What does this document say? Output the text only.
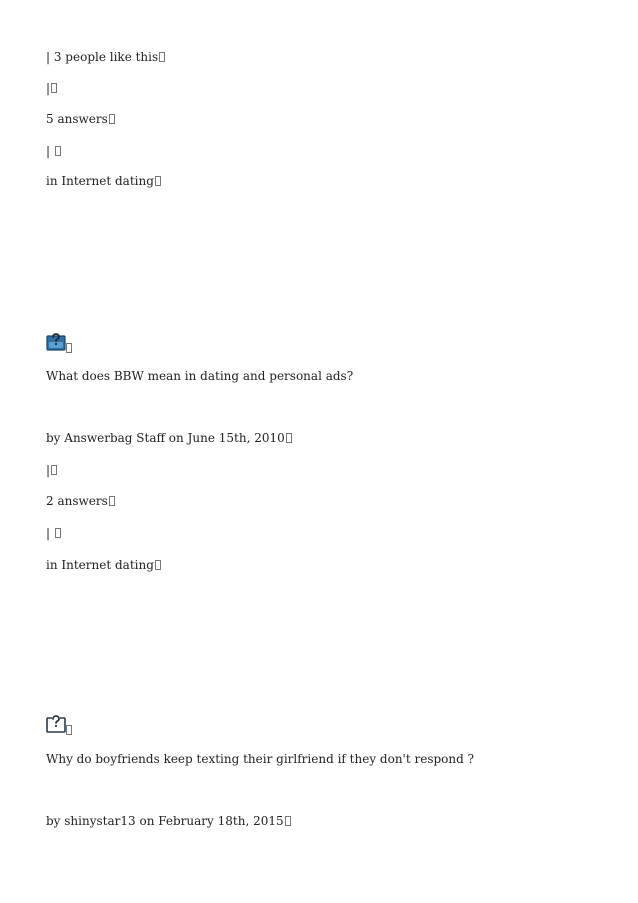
| 3 people like this
|
5 answers
|
in Internet dating
What does BBW mean in dating and personal ads?
by Answerbag Staff on June 15th, 2010
|
2 answers
|
in Internet dating
Why do boyfriends keep texting their girlfriend if they don't respond ?
by shinystar13 on February 18th, 2015
